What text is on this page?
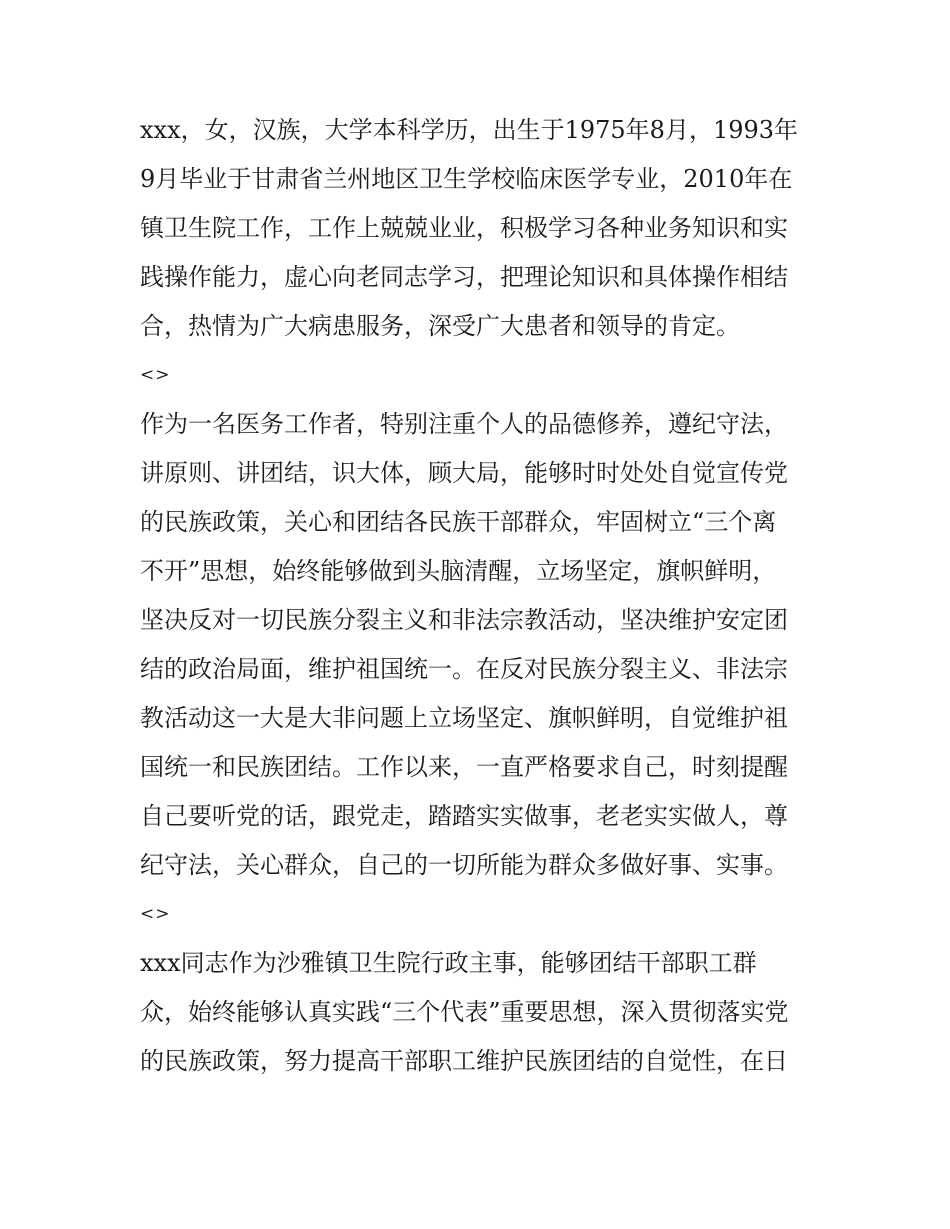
xxx，女，汉族，大学本科学历，出生于1975年8月，1993年
9月毕业于甘肃省兰州地区卫生学校临床医学专业，2010年在
镇卫生院工作，工作上兢兢业业，积极学习各种业务知识和实
践操作能力，虚心向老同志学习，把理论知识和具体操作相结
合，热情为广大病患服务，深受广大患者和领导的肯定。
<>
作为一名医务工作者，特别注重个人的品德修养，遵纪守法，
讲原则、讲团结，识大体，顾大局，能够时时处处自觉宣传党
的民族政策，关心和团结各民族干部群众，牢固树立“三个离
不开”思想，始终能够做到头脑清醒，立场坚定，旗帜鲜明，
坚决反对一切民族分裂主义和非法宗教活动，坚决维护安定团
结的政治局面，维护祖国统一。在反对民族分裂主义、非法宗
教活动这一大是大非问题上立场坚定、旗帜鲜明，自觉维护祖
国统一和民族团结。工作以来，一直严格要求自己，时刻提醒
自己要听党的话，跟党走，踏踏实实做事，老老实实做人，尊
纪守法，关心群众，自己的一切所能为群众多做好事、实事。
<>
xxx同志作为沙雅镇卫生院行政主事，能够团结干部职工群
众，始终能够认真实践“三个代表”重要思想，深入贯彻落实党
的民族政策，努力提高干部职工维护民族团结的自觉性，在日
